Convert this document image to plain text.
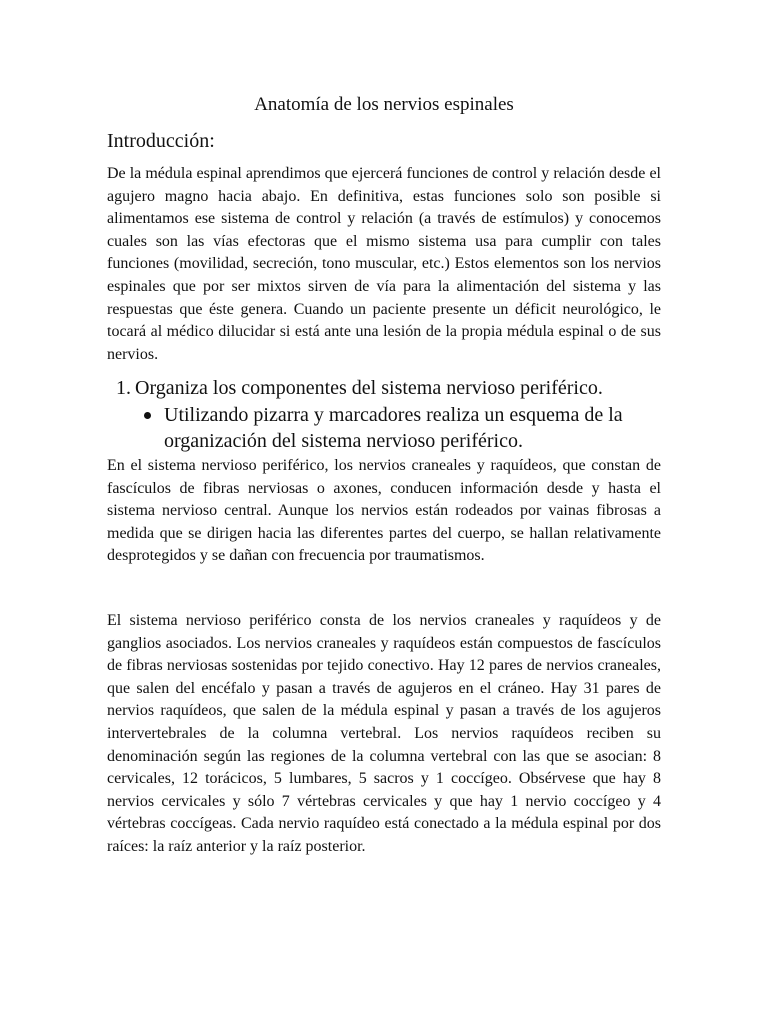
Anatomía de los nervios espinales
Introducción:

De la médula espinal aprendimos que ejercerá funciones de control y relación desde el agujero magno hacia abajo. En definitiva, estas funciones solo son posible si alimentamos ese sistema de control y relación (a través de estímulos) y conocemos cuales son las vías efectoras que el mismo sistema usa para cumplir con tales funciones (movilidad, secreción, tono muscular, etc.) Estos elementos son los nervios espinales que por ser mixtos sirven de vía para la alimentación del sistema y las respuestas que éste genera. Cuando un paciente presente un déficit neurológico, le tocará al médico dilucidar si está ante una lesión de la propia médula espinal o de sus nervios.

1. Organiza los componentes del sistema nervioso periférico.
Utilizando pizarra y marcadores realiza un esquema de la organización del sistema nervioso periférico.

En el sistema nervioso periférico, los nervios craneales y raquídeos, que constan de fascículos de fibras nerviosas o axones, conducen información desde y hasta el sistema nervioso central. Aunque los nervios están rodeados por vainas fibrosas a medida que se dirigen hacia las diferentes partes del cuerpo, se hallan relativamente desprotegidos y se dañan con frecuencia por traumatismos.

El sistema nervioso periférico consta de los nervios craneales y raquídeos y de ganglios asociados. Los nervios craneales y raquídeos están compuestos de fascículos de fibras nerviosas sostenidas por tejido conectivo. Hay 12 pares de nervios craneales, que salen del encéfalo y pasan a través de agujeros en el cráneo. Hay 31 pares de nervios raquídeos, que salen de la médula espinal y pasan a través de los agujeros intervertebrales de la columna vertebral. Los nervios raquídeos reciben su denominación según las regiones de la columna vertebral con las que se asocian: 8 cervicales, 12 torácicos, 5 lumbares, 5 sacros y 1 coccígeo. Obsérvese que hay 8 nervios cervicales y sólo 7 vértebras cervicales y que hay 1 nervio coccígeo y 4 vértebras coccígeas. Cada nervio raquídeo está conectado a la médula espinal por dos raíces: la raíz anterior y la raíz posterior.
